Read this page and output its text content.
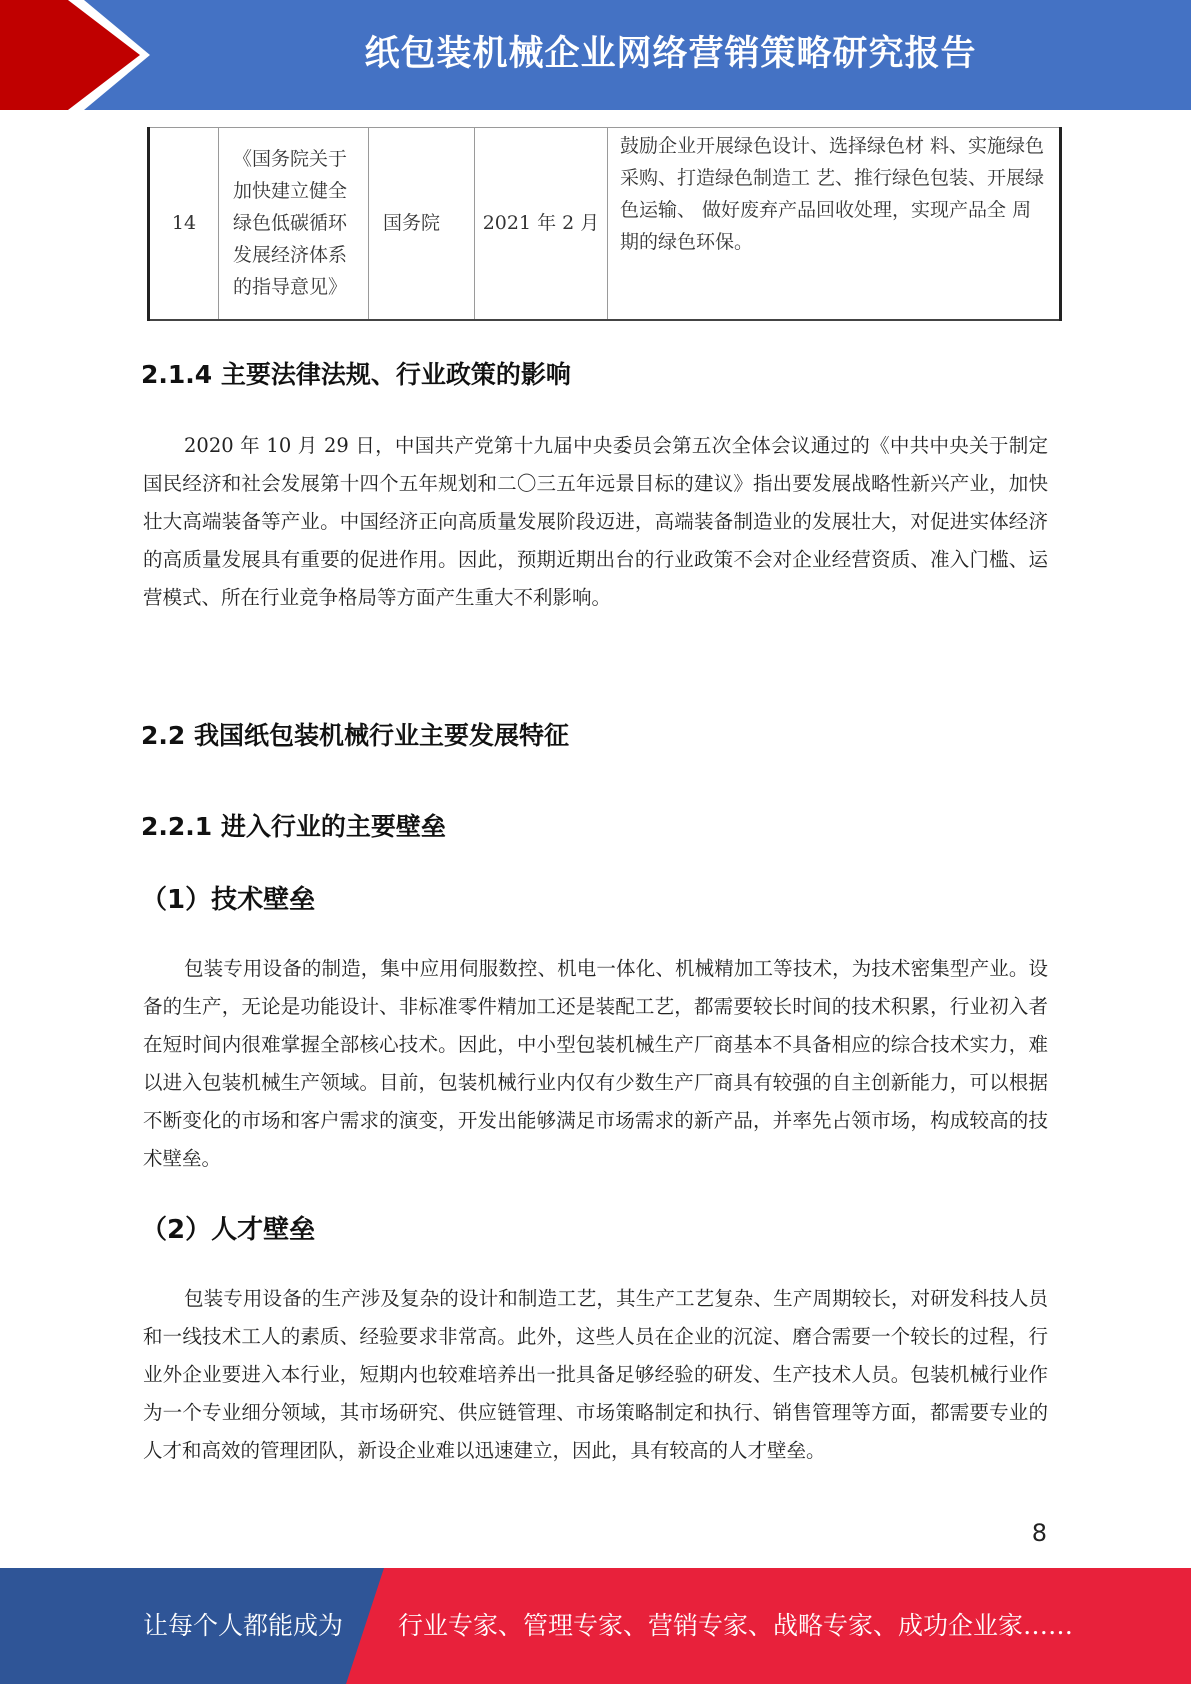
纸包装机械企业网络营销策略研究报告
14	《国务院关于 加快建立健全 绿色低碳循环 发展经济体系 的指导意见》	国务院	2021 年 2 月	鼓励企业开展绿色设计、选择绿色材 料、实施绿色采购、打造绿色制造工 艺、推行绿色包装、开展绿色运输、 做好废弃产品回收处理，实现产品全 周期的绿色环保。
2.1.4 主要法律法规、行业政策的影响

2020 年 10 月 29 日，中国共产党第十九届中央委员会第五次全体会议通过的《中共中央关于制定国民经济和社会发展第十四个五年规划和二〇三五年远景目标的建议》指出要发展战略性新兴产业，加快壮大高端装备等产业。中国经济正向高质量发展阶段迈进，高端装备制造业的发展壮大，对促进实体经济的高质量发展具有重要的促进作用。因此，预期近期出台的行业政策不会对企业经营资质、准入门槛、运营模式、所在行业竞争格局等方面产生重大不利影响。

2.2 我国纸包装机械行业主要发展特征
2.2.1 进入行业的主要壁垒
（1）技术壁垒

包装专用设备的制造，集中应用伺服数控、机电一体化、机械精加工等技术，为技术密集型产业。设备的生产，无论是功能设计、非标准零件精加工还是装配工艺，都需要较长时间的技术积累，行业初入者在短时间内很难掌握全部核心技术。因此，中小型包装机械生产厂商基本不具备相应的综合技术实力，难以进入包装机械生产领域。目前，包装机械行业内仅有少数生产厂商具有较强的自主创新能力，可以根据不断变化的市场和客户需求的演变，开发出能够满足市场需求的新产品，并率先占领市场，构成较高的技术壁垒。

（2）人才壁垒

包装专用设备的生产涉及复杂的设计和制造工艺，其生产工艺复杂、生产周期较长，对研发科技人员和一线技术工人的素质、经验要求非常高。此外，这些人员在企业的沉淀、磨合需要一个较长的过程，行业外企业要进入本行业，短期内也较难培养出一批具备足够经验的研发、生产技术人员。包装机械行业作为一个专业细分领域，其市场研究、供应链管理、市场策略制定和执行、销售管理等方面，都需要专业的人才和高效的管理团队，新设企业难以迅速建立，因此，具有较高的人才壁垒。

8
让每个人都能成为 行业专家、管理专家、营销专家、战略专家、成功企业家……
